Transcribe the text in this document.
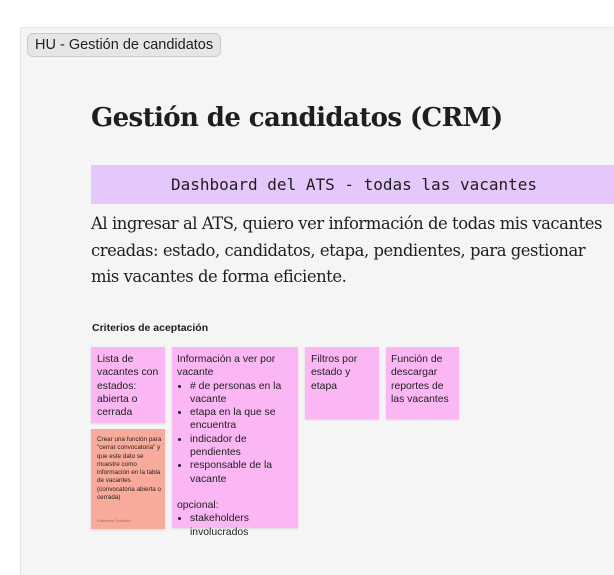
HU - Gestión de candidatos
Gestión de candidatos (CRM)
Dashboard del ATS - todas las vacantes

Al ingresar al ATS, quiero ver información de todas mis vacantes creadas: estado, candidatos, etapa, pendientes, para gestionar mis vacantes de forma eficiente.

Criterios de aceptación
Lista de vacantes con estados: abierta o cerrada
Información a ver por vacante
• # de personas en la vacante
• etapa en la que se encuentra
• indicador de pendientes
• responsable de la vacante
opcional:
• stakeholders involucrados
Filtros por estado y etapa
Función de descargar reportes de las vacantes
Crear una función para "cerrar convocatoria" y que este dato se muestre como información en la tabla de vacantes (convocatoria abierta o cerrada)
Katherine Ordóñez
